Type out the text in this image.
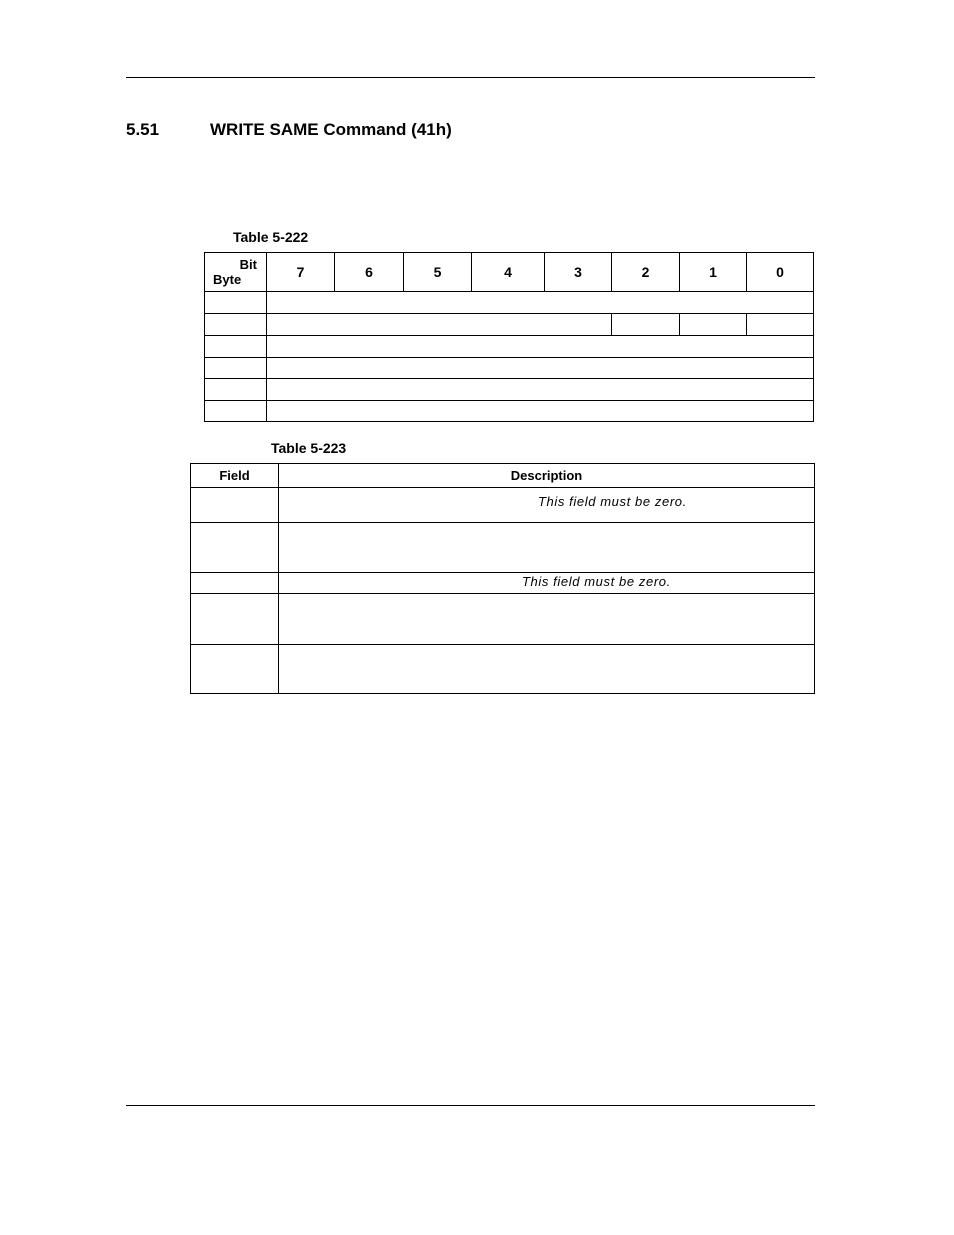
5.51	WRITE SAME Command (41h)
Table 5-222
Bit
Byte	7	6	5	4	3	2	1	0

Table 5-223
Field	Description
	This field must be zero.

	This field must be zero.
